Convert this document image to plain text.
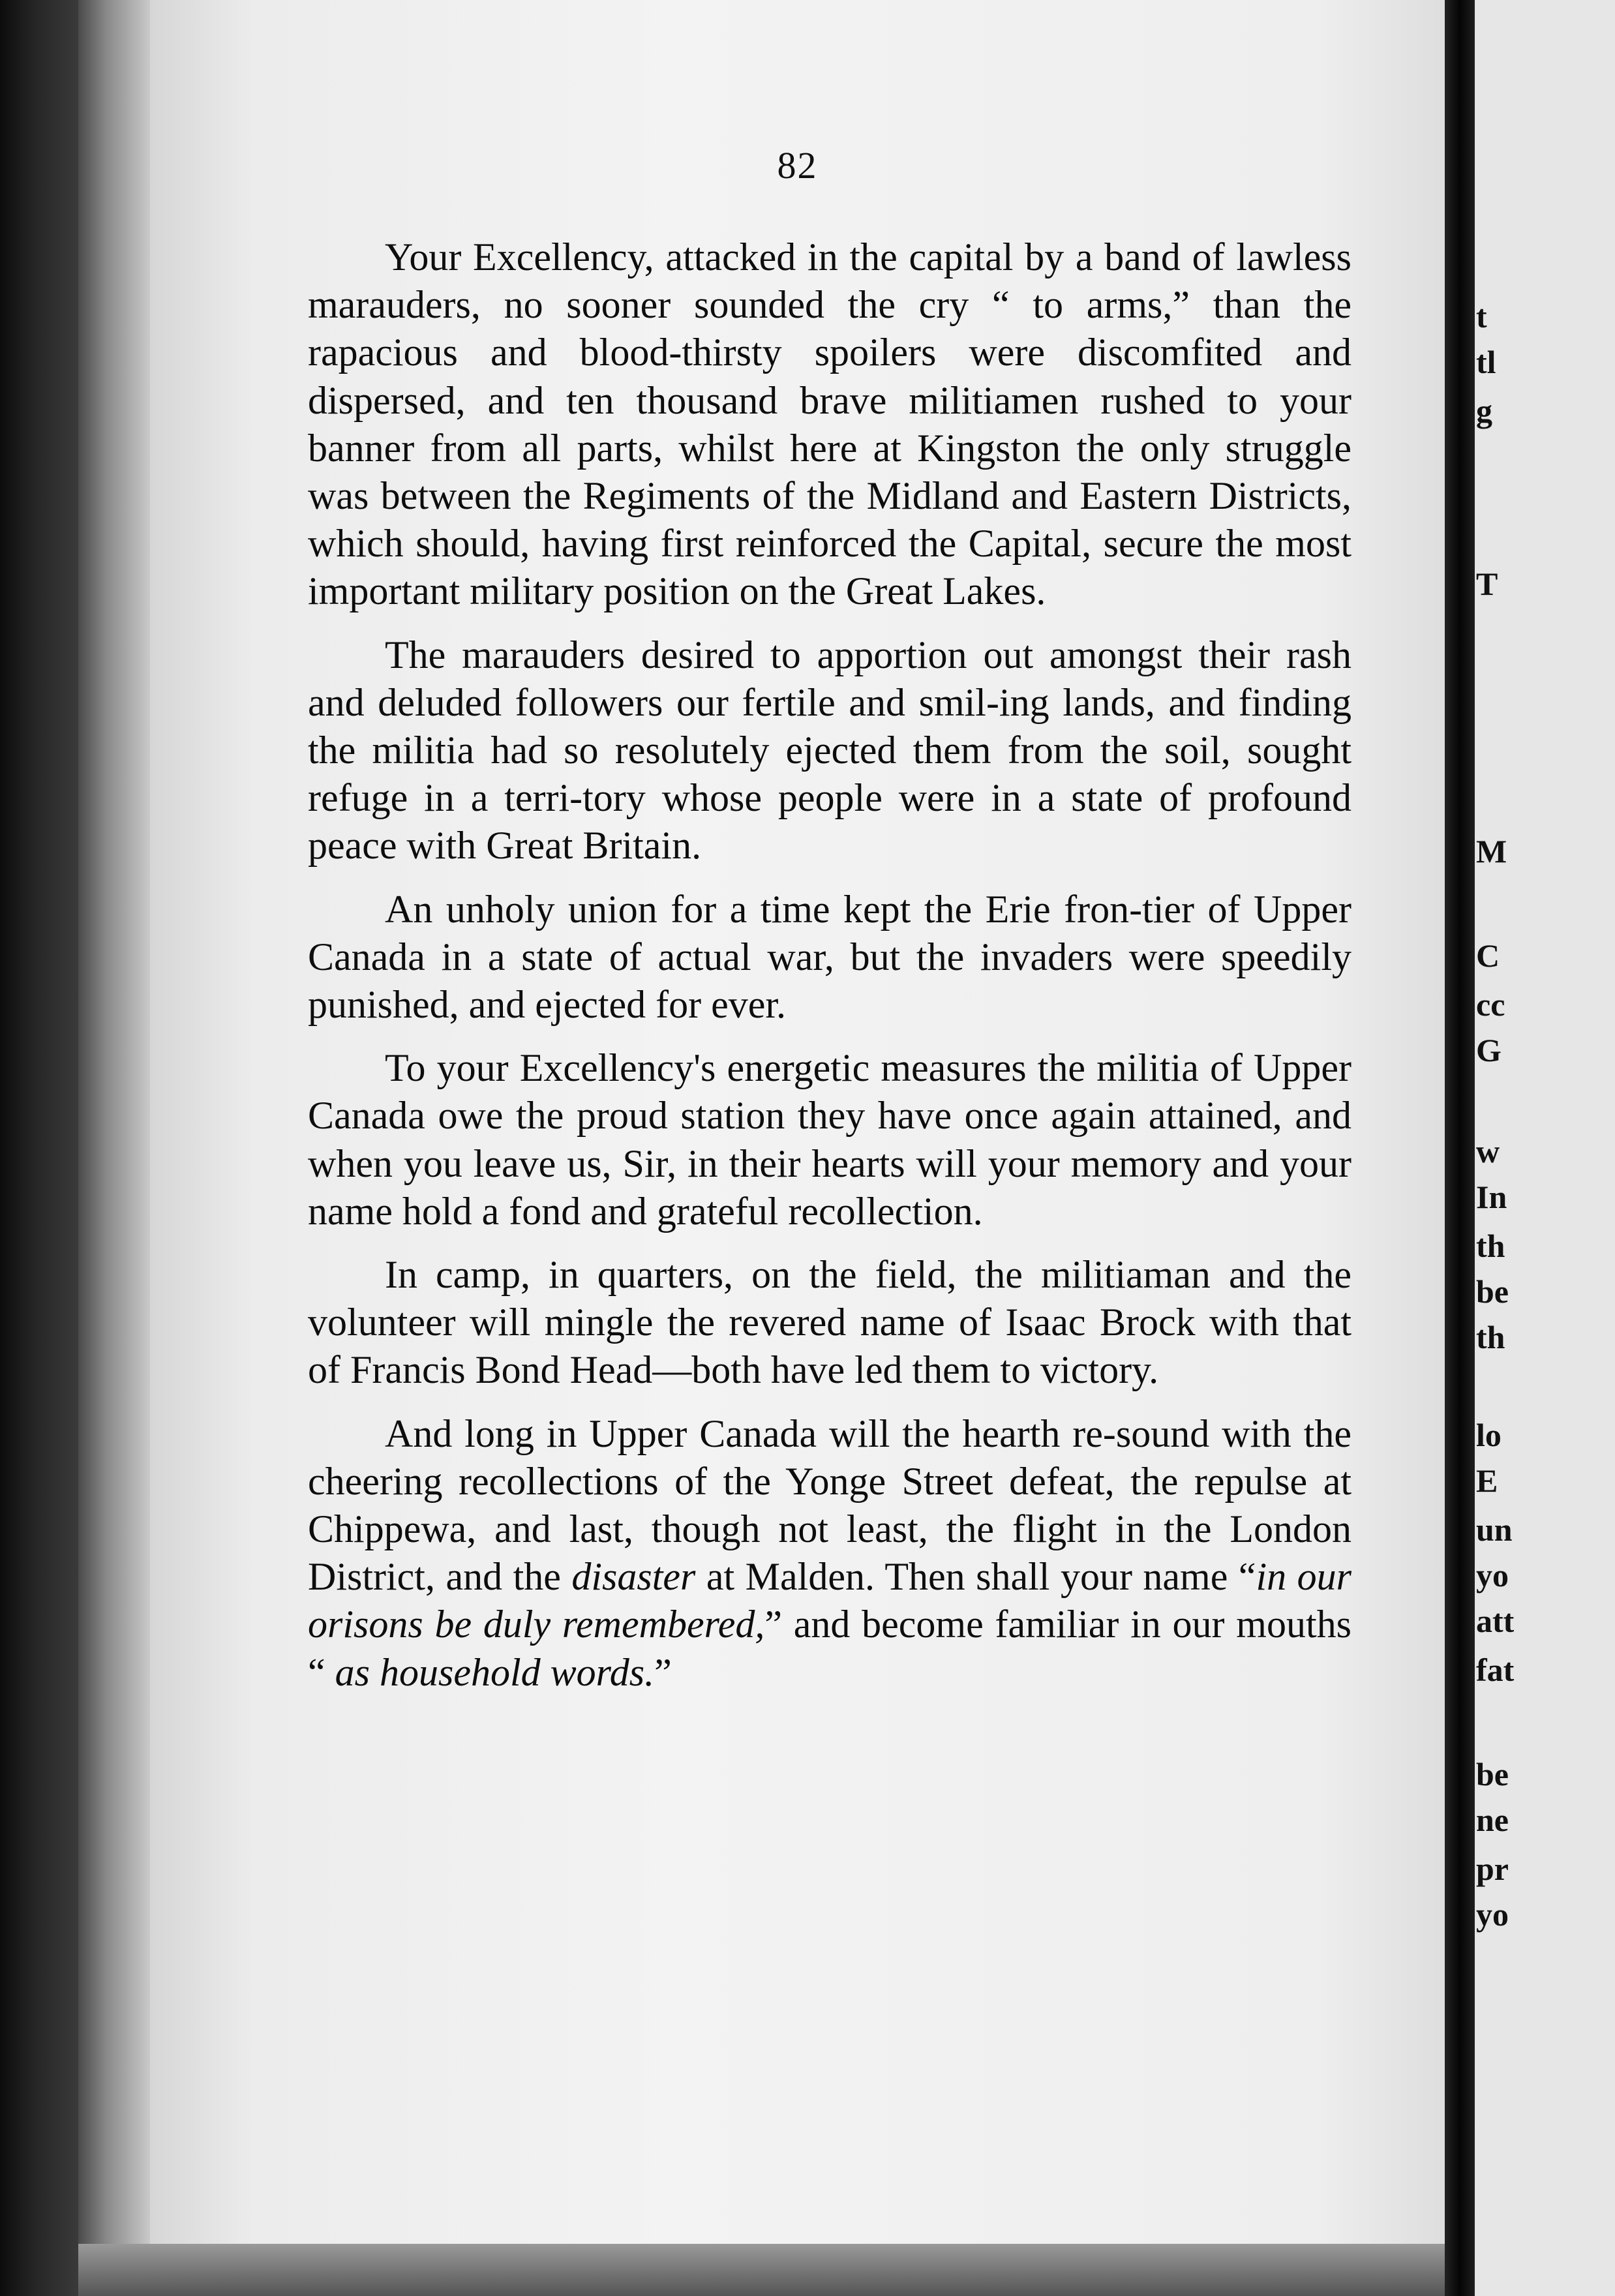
82

Your Excellency, attacked in the capital by a band of lawless marauders, no sooner sounded the cry “ to arms,” than the rapacious and blood-thirsty spoilers were discomfited and dispersed, and ten thousand brave militiamen rushed to your banner from all parts, whilst here at Kingston the only struggle was between the Regiments of the Midland and Eastern Districts, which should, having first reinforced the Capital, secure the most important military position on the Great Lakes.

The marauders desired to apportion out amongst their rash and deluded followers our fertile and smil-ing lands, and finding the militia had so resolutely ejected them from the soil, sought refuge in a terri-tory whose people were in a state of profound peace with Great Britain.

An unholy union for a time kept the Erie fron-tier of Upper Canada in a state of actual war, but the invaders were speedily punished, and ejected for ever.

To your Excellency's energetic measures the militia of Upper Canada owe the proud station they have once again attained, and when you leave us, Sir, in their hearts will your memory and your name hold a fond and grateful recollection.

In camp, in quarters, on the field, the militiaman and the volunteer will mingle the revered name of Isaac Brock with that of Francis Bond Head—both have led them to victory.

And long in Upper Canada will the hearth re-sound with the cheering recollections of the Yonge Street defeat, the repulse at Chippewa, and last, though not least, the flight in the London District, and the disaster at Malden. Then shall your name “in our orisons be duly remembered,” and become familiar in our mouths “ as household words.”

t
tl
g
T
M
C
cc
G
w
In
th
be
th
lo
E
un
yo
att
fat
be
ne
pr
yo
